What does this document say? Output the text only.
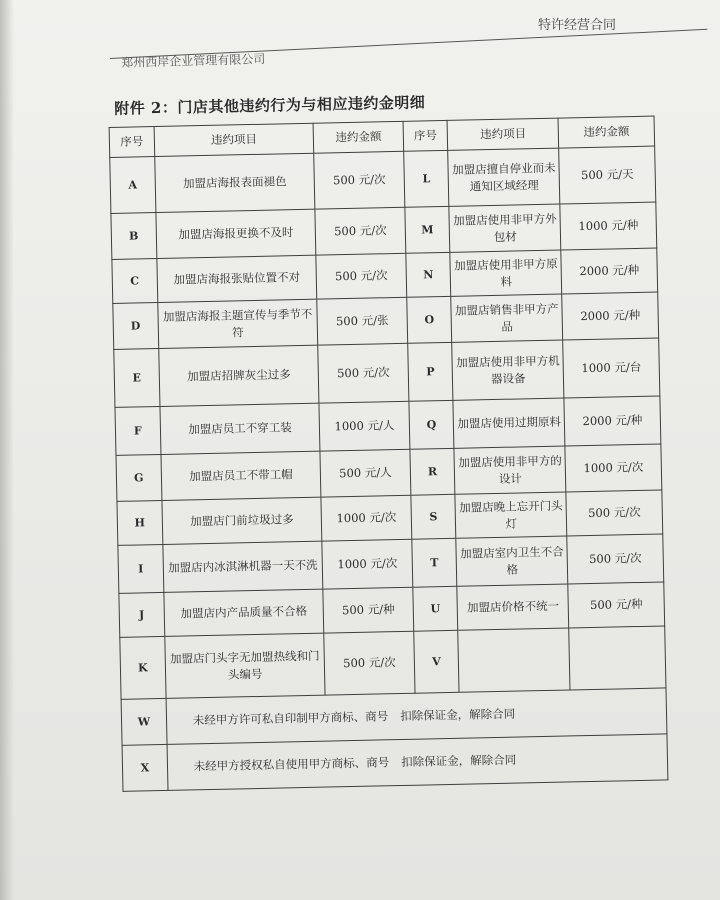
特许经营合同
郑州西岸企业管理有限公司
附件 2：门店其他违约行为与相应违约金明细
序号	违约项目	违约金额	序号	违约项目	违约金额
A	加盟店海报表面褪色	500 元/次	L	加盟店擅自停业而未通知区域经理	500 元/天
B	加盟店海报更换不及时	500 元/次	M	加盟店使用非甲方外包材	1000 元/种
C	加盟店海报张贴位置不对	500 元/次	N	加盟店使用非甲方原料	2000 元/种
D	加盟店海报主题宣传与季节不符	500 元/张	O	加盟店销售非甲方产品	2000 元/种
E	加盟店招牌灰尘过多	500 元/次	P	加盟店使用非甲方机器设备	1000 元/台
F	加盟店员工不穿工装	1000 元/人	Q	加盟店使用过期原料	2000 元/种
G	加盟店员工不带工帽	500 元/人	R	加盟店使用非甲方的设计	1000 元/次
H	加盟店门前垃圾过多	1000 元/次	S	加盟店晚上忘开门头灯	500 元/次
I	加盟店内冰淇淋机器一天不洗	1000 元/次	T	加盟店室内卫生不合格	500 元/次
J	加盟店内产品质量不合格	500 元/种	U	加盟店价格不统一	500 元/种
K	加盟店门头字无加盟热线和门头编号	500 元/次	V		
W	未经甲方许可私自印制甲方商标、商号 扣除保证金，解除合同				
X	未经甲方授权私自使用甲方商标、商号 扣除保证金，解除合同				
